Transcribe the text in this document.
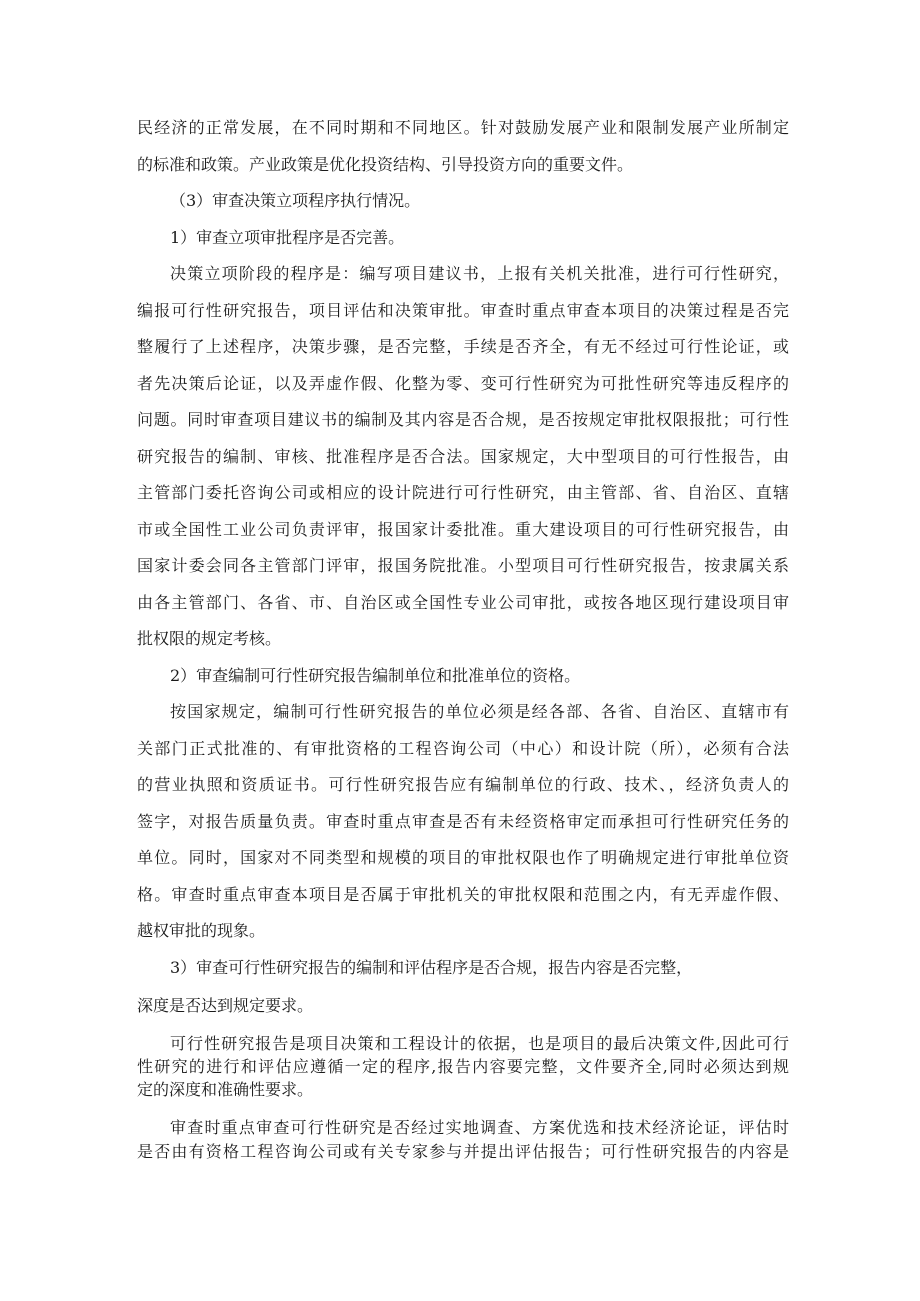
民经济的正常发展，在不同时期和不同地区。针对鼓励发展产业和限制发展产业所制定
的标准和政策。产业政策是优化投资结构、引导投资方向的重要文件。
（3）审查决策立项程序执行情况。
1）审查立项审批程序是否完善。
决策立项阶段的程序是：编写项目建议书，上报有关机关批准，进行可行性研究，
编报可行性研究报告，项目评估和决策审批。审查时重点审查本项目的决策过程是否完
整履行了上述程序，决策步骤，是否完整，手续是否齐全，有无不经过可行性论证，或
者先决策后论证，以及弄虚作假、化整为零、变可行性研究为可批性研究等违反程序的
问题。同时审查项目建议书的编制及其内容是否合规，是否按规定审批权限报批；可行性
研究报告的编制、审核、批准程序是否合法。国家规定，大中型项目的可行性报告，由
主管部门委托咨询公司或相应的设计院进行可行性研究，由主管部、省、自治区、直辖
市或全国性工业公司负责评审，报国家计委批准。重大建设项目的可行性研究报告，由
国家计委会同各主管部门评审，报国务院批准。小型项目可行性研究报告，按隶属关系
由各主管部门、各省、市、自治区或全国性专业公司审批，或按各地区现行建设项目审
批权限的规定考核。
2）审查编制可行性研究报告编制单位和批准单位的资格。
按国家规定，编制可行性研究报告的单位必须是经各部、各省、自治区、直辖市有
关部门正式批准的、有审批资格的工程咨询公司（中心）和设计院（所），必须有合法
的营业执照和资质证书。可行性研究报告应有编制单位的行政、技术、，经济负责人的
签字，对报告质量负责。审查时重点审查是否有未经资格审定而承担可行性研究任务的
单位。同时，国家对不同类型和规模的项目的审批权限也作了明确规定进行审批单位资
格。审查时重点审查本项目是否属于审批机关的审批权限和范围之内，有无弄虚作假、
越权审批的现象。
3）审查可行性研究报告的编制和评估程序是否合规，报告内容是否完整，
深度是否达到规定要求。
可行性研究报告是项目决策和工程设计的依据，也是项目的最后决策文件,因此可行
性研究的进行和评估应遵循一定的程序,报告内容要完整，文件要齐全,同时必须达到规
定的深度和准确性要求。
审查时重点审查可行性研究是否经过实地调查、方案优选和技术经济论证，评估时
是否由有资格工程咨询公司或有关专家参与并提出评估报告；可行性研究报告的内容是
